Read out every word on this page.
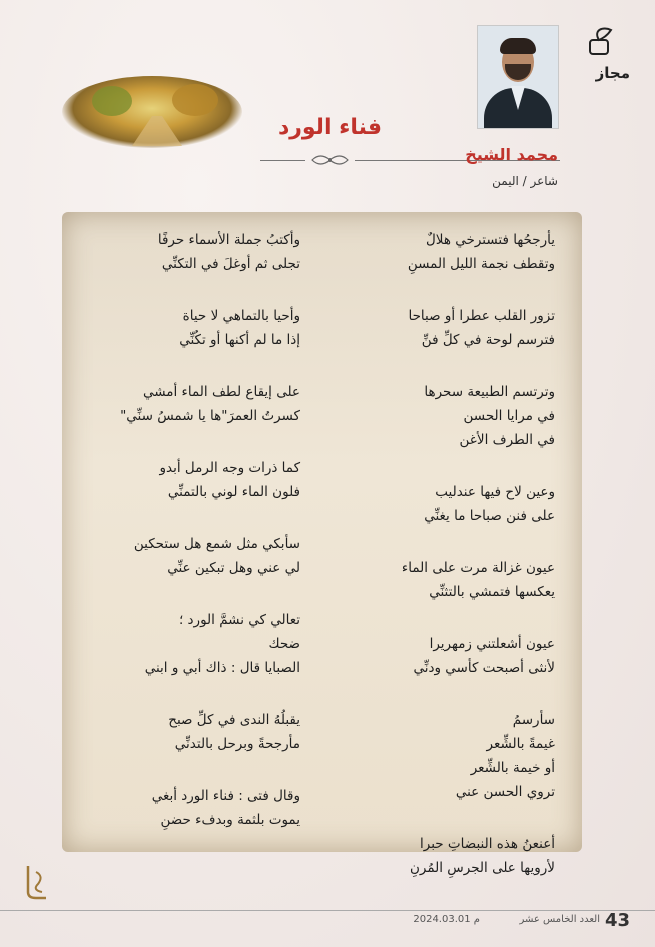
مجاز
فناء الورد
محمد الشيخ
شاعر / اليمن
يأرجحُها فتسترخي هلالٌ
وتقطف نجمة الليل المسنِ
تزور القلب عطرا أو صباحا
فترسم لوحة في كلِّ فنِّ
وترتسم الطبيعة سحرها
في مرايا الحسن
في الطرف الأغن
وعين لاح فيها عندليب
على فنن صباحا ما يغنِّي
عيون غزالة مرت على الماء
يعكسها فتمشي بالتثنِّي
عيون أشعلتني زمهريرا
لأنثى أصبحت كأسي ودنِّي
سأرسمُ
غيمةً بالشِّعر
أو خيمة بالشِّعر
تروي الحسن عني
أعنعنُ هذه النبضاتِ حبرا
لأرويها على الجرسِ المُرنِ
وأكتبُ جملة الأسماء حرفًا
تجلى ثم أوغلَ في التكنِّي
وأحيا بالتماهي لا حياة
إذا ما لم أكنها أو تكُنِّي
على إيقاع لطف الماء أمشي
كسرتُ العمرَ"ها يا شمسُ سنِّي"
كما ذرات وجه الرمل أبدو
فلون الماء لوني بالتمنِّي
سأبكي مثل شمع هل ستحكين
لي عني وهل تبكين عنِّي
تعالي كي نشمَّ الورد ؛
ضحك
الصبايا قال : ذاك أبي و ابني
يقبلُهُ الندى في كلِّ صبح
مأرجحةً وبرحل بالتدنِّي
وقال فتى : فناء الورد أبغي
يموت بلثمة وبدفء حضنِ
43
العدد الخامس عشر
2024.03.01 م
